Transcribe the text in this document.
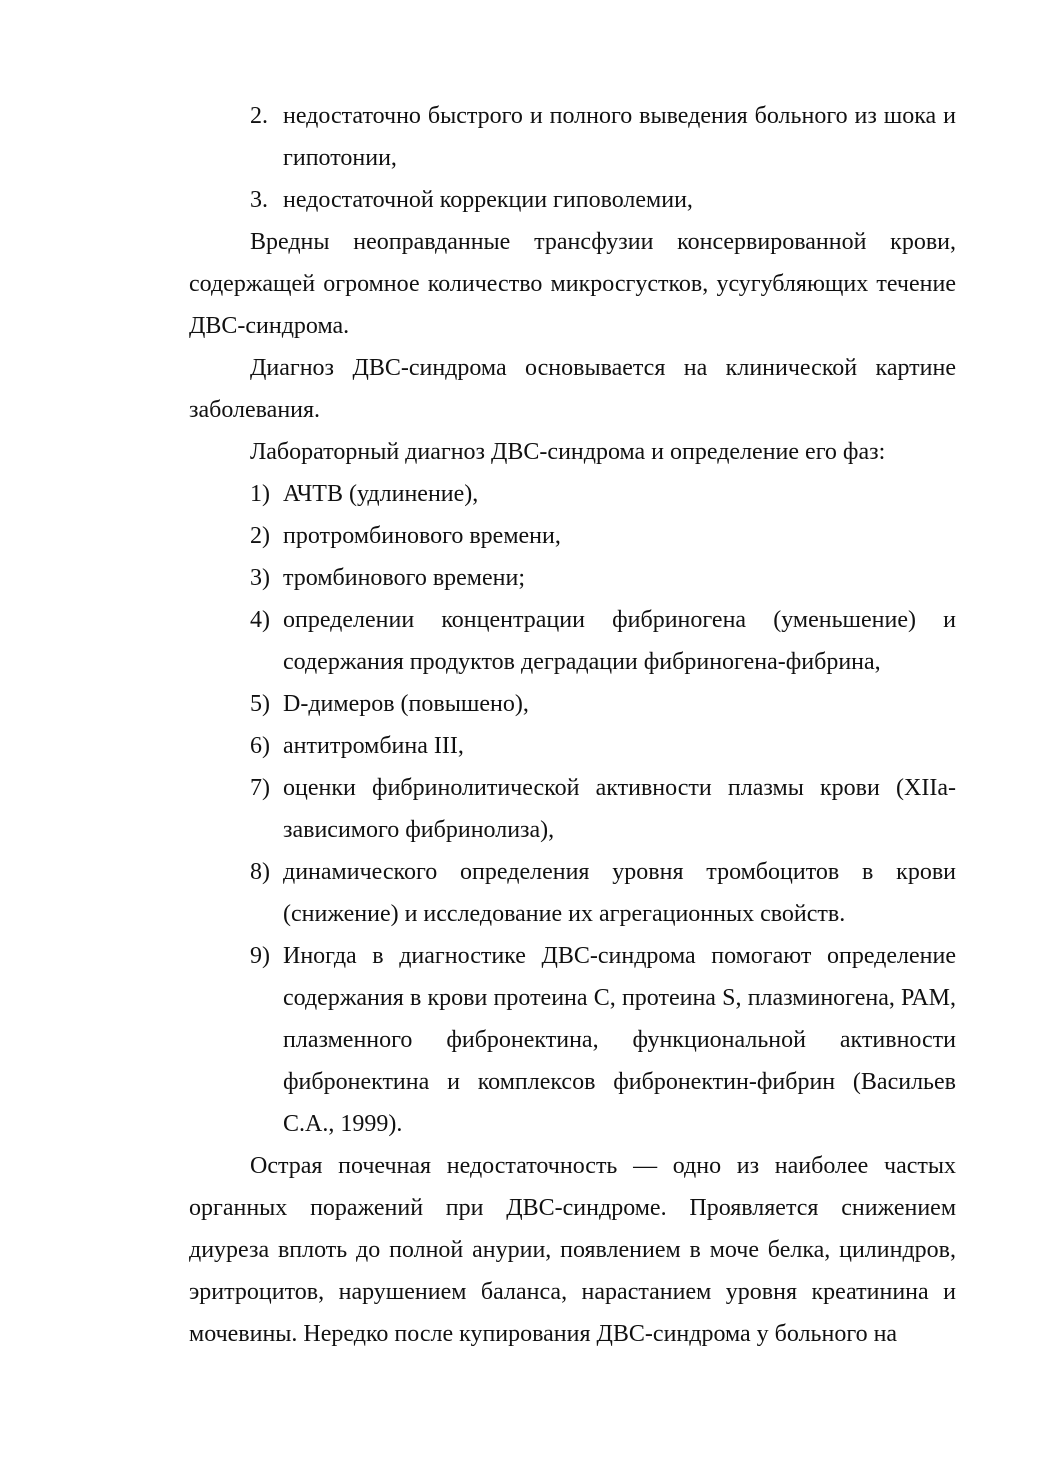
2. недостаточно быстрого и полного выведения больного из шока и гипотонии,
3. недостаточной коррекции гиповолемии,

Вредны неоправданные трансфузии консервированной крови, содержащей огромное количество микросгустков, усугубляющих течение ДВС-синдрома.

Диагноз ДВС-синдрома основывается на клинической картине заболевания.

Лабораторный диагноз ДВС-синдрома и определение его фаз:

1) АЧТВ (удлинение),
2) протромбинового времени,
3) тромбинового времени;
4) определении концентрации фибриногена (уменьшение) и содержания продуктов деградации фибриногена-фибрина,
5) D-димеров (повышено),
6) антитромбина III,
7) оценки фибринолитической активности плазмы крови (ХIIа-зависимого фибринолиза),
8) динамического определения уровня тромбоцитов в крови (снижение) и исследование их агрегационных свойств.
9) Иногда в диагностике ДВС-синдрома помогают определение содержания в крови протеина С, протеина S, плазминогена, РАМ, плазменного фибронектина, функциональной активности фибронектина и комплексов фибронектин-фибрин (Васильев С.А., 1999).

Острая почечная недостаточность — одно из наиболее частых органных поражений при ДВС-синдроме. Проявляется снижением диуреза вплоть до полной анурии, появлением в моче белка, цилиндров, эритроцитов, нарушением баланса, нарастанием уровня креатинина и мочевины. Нередко после купирования ДВС-синдрома у больного на
